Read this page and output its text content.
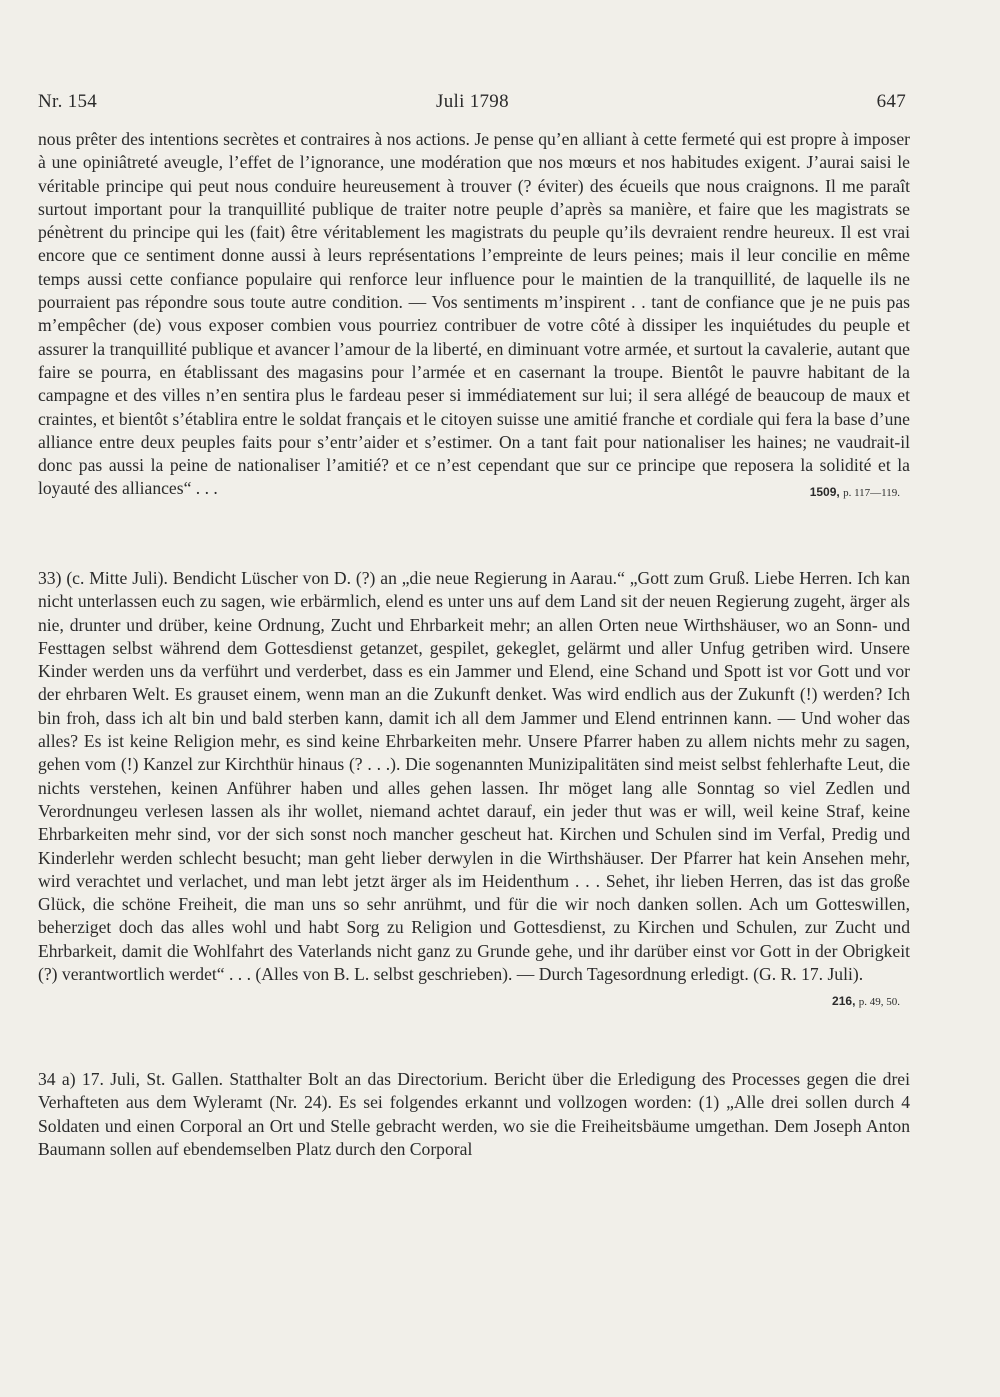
Nr. 154	Juli 1798	647

nous prêter des intentions secrètes et contraires à nos actions. Je pense qu’en alliant à cette fermeté qui est propre à imposer à une opiniâtreté aveugle, l’effet de l’ignorance, une modération que nos mœurs et nos habitudes exigent. J’aurai saisi le véritable principe qui peut nous conduire heureusement à trouver (? éviter) des écueils que nous craignons. Il me paraît surtout important pour la tranquillité publique de traiter notre peuple d’après sa manière, et faire que les magistrats se pénètrent du principe qui les (fait) être véritablement les magistrats du peuple qu’ils devraient rendre heureux. Il est vrai encore que ce sentiment donne aussi à leurs représentations l’empreinte de leurs peines; mais il leur concilie en même temps aussi cette confiance populaire qui renforce leur influence pour le maintien de la tranquillité, de laquelle ils ne pourraient pas répondre sous toute autre condition. — Vos sentiments m’inspirent . . tant de confiance que je ne puis pas m’empêcher (de) vous exposer combien vous pourriez contribuer de votre côté à dissiper les inquiétudes du peuple et assurer la tranquillité publique et avancer l’amour de la liberté, en diminuant votre armée, et surtout la cavalerie, autant que faire se pourra, en établissant des magasins pour l’armée et en casernant la troupe. Bientôt le pauvre habitant de la campagne et des villes n’en sentira plus le fardeau peser si immédiatement sur lui; il sera allégé de beaucoup de maux et craintes, et bientôt s’établira entre le soldat français et le citoyen suisse une amitié franche et cordiale qui fera la base d’une alliance entre deux peuples faits pour s’entr’aider et s’estimer. On a tant fait pour nationaliser les haines; ne vaudrait-il donc pas aussi la peine de nationaliser l’amitié? et ce n’est cependant que sur ce principe que reposera la solidité et la loyauté des alliances“ . . .	1509, p. 117—119.

33) (c. Mitte Juli). Bendicht Lüscher von D. (?) an „die neue Regierung in Aarau.“ „Gott zum Gruß. Liebe Herren. Ich kan nicht unterlassen euch zu sagen, wie erbärmlich, elend es unter uns auf dem Land sit der neuen Regierung zugeht, ärger als nie, drunter und drüber, keine Ordnung, Zucht und Ehrbarkeit mehr; an allen Orten neue Wirthshäuser, wo an Sonn- und Festtagen selbst während dem Gottesdienst getanzet, gespilet, gekeglet, gelärmt und aller Unfug getriben wird. Unsere Kinder werden uns da verführt und verderbet, dass es ein Jammer und Elend, eine Schand und Spott ist vor Gott und vor der ehrbaren Welt. Es grauset einem, wenn man an die Zukunft denket. Was wird endlich aus der Zukunft (!) werden? Ich bin froh, dass ich alt bin und bald sterben kann, damit ich all dem Jammer und Elend entrinnen kann. — Und woher das alles? Es ist keine Religion mehr, es sind keine Ehrbarkeiten mehr. Unsere Pfarrer haben zu allem nichts mehr zu sagen, gehen vom (!) Kanzel zur Kirchthür hinaus (? . . .). Die sogenannten Munizipalitäten sind meist selbst fehlerhafte Leut, die nichts verstehen, keinen Anführer haben und alles gehen lassen. Ihr möget lang alle Sonntag so viel Zedlen und Verordnungeu verlesen lassen als ihr wollet, niemand achtet darauf, ein jeder thut was er will, weil keine Straf, keine Ehrbarkeiten mehr sind, vor der sich sonst noch mancher gescheut hat. Kirchen und Schulen sind im Verfal, Predig und Kinderlehr werden schlecht besucht; man geht lieber derwylen in die Wirthshäuser. Der Pfarrer hat kein Ansehen mehr, wird verachtet und verlachet, und man lebt jetzt ärger als im Heidenthum . . . Sehet, ihr lieben Herren, das ist das große Glück, die schöne Freiheit, die man uns so sehr anrühmt, und für die wir noch danken sollen. Ach um Gotteswillen, beherziget doch das alles wohl und habt Sorg zu Religion und Gottesdienst, zu Kirchen und Schulen, zur Zucht und Ehrbarkeit, damit die Wohlfahrt des Vaterlands nicht ganz zu Grunde gehe, und ihr darüber einst vor Gott in der Obrigkeit (?) verantwortlich werdet“ . . . (Alles von B. L. selbst geschrieben). — Durch Tagesordnung erledigt. (G. R. 17. Juli).
216, p. 49, 50.

34 a) 17. Juli, St. Gallen. Statthalter Bolt an das Directorium. Bericht über die Erledigung des Processes gegen die drei Verhafteten aus dem Wyleramt (Nr. 24). Es sei folgendes erkannt und vollzogen worden: (1) „Alle drei sollen durch 4 Soldaten und einen Corporal an Ort und Stelle gebracht werden, wo sie die Freiheitsbäume umgethan. Dem Joseph Anton Baumann sollen auf ebendemselben Platz durch den Corporal
